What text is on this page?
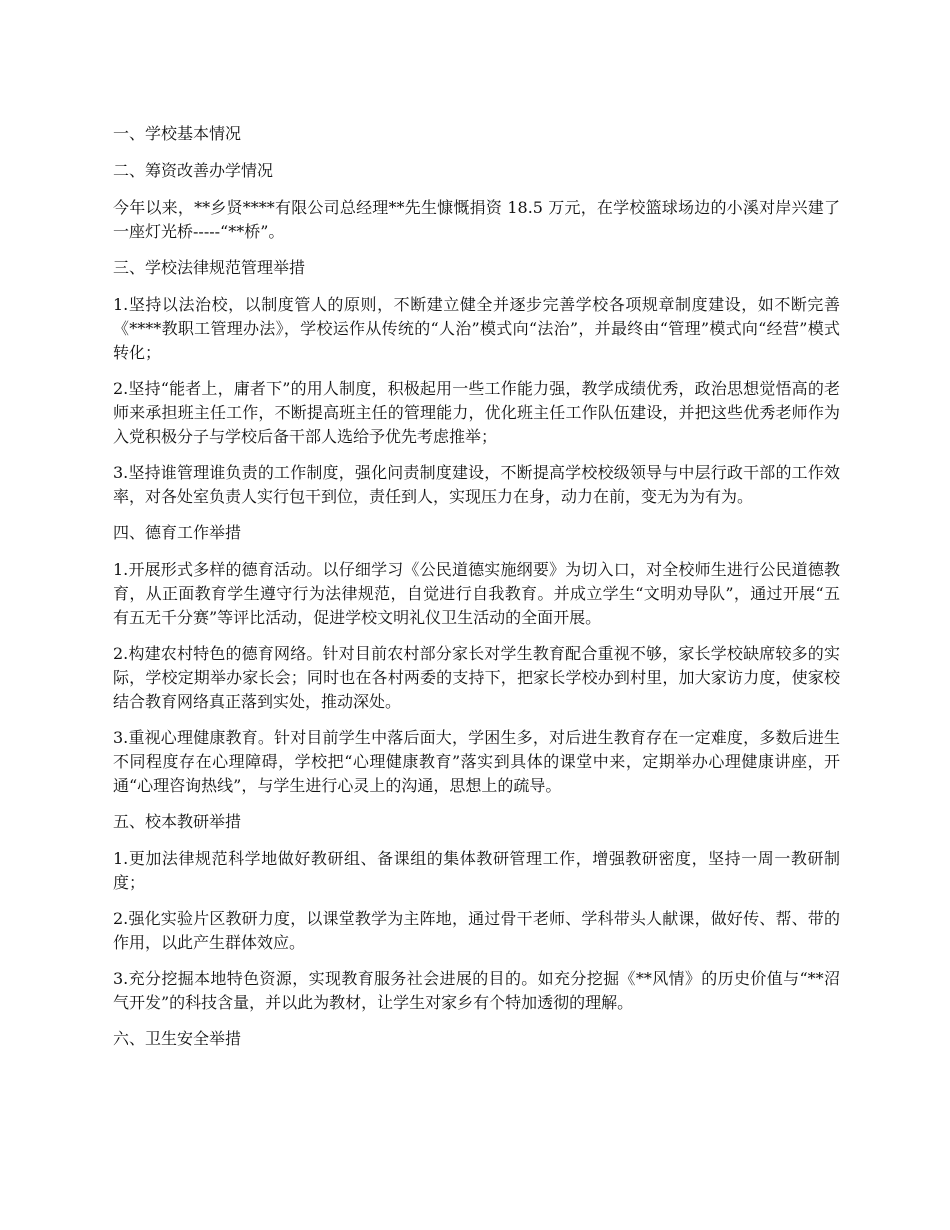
一、学校基本情况
二、筹资改善办学情况
今年以来，**乡贤****有限公司总经理**先生慷慨捐资 18.5 万元，在学校篮球场边的小溪对岸兴建了一座灯光桥-----“**桥”。
三、学校法律规范管理举措
1.坚持以法治校，以制度管人的原则，不断建立健全并逐步完善学校各项规章制度建设，如不断完善《****教职工管理办法》，学校运作从传统的“人治”模式向“法治”，并最终由“管理”模式向“经营”模式转化；
2.坚持“能者上，庸者下”的用人制度，积极起用一些工作能力强，教学成绩优秀，政治思想觉悟高的老师来承担班主任工作，不断提高班主任的管理能力，优化班主任工作队伍建设，并把这些优秀老师作为入党积极分子与学校后备干部人选给予优先考虑推举；
3.坚持谁管理谁负责的工作制度，强化问责制度建设，不断提高学校校级领导与中层行政干部的工作效率，对各处室负责人实行包干到位，责任到人，实现压力在身，动力在前，变无为为有为。
四、德育工作举措
1.开展形式多样的德育活动。以仔细学习《公民道德实施纲要》为切入口，对全校师生进行公民道德教育，从正面教育学生遵守行为法律规范，自觉进行自我教育。并成立学生“文明劝导队”，通过开展“五有五无千分赛”等评比活动，促进学校文明礼仪卫生活动的全面开展。
2.构建农村特色的德育网络。针对目前农村部分家长对学生教育配合重视不够，家长学校缺席较多的实际，学校定期举办家长会；同时也在各村两委的支持下，把家长学校办到村里，加大家访力度，使家校结合教育网络真正落到实处，推动深处。
3.重视心理健康教育。针对目前学生中落后面大，学困生多，对后进生教育存在一定难度，多数后进生不同程度存在心理障碍，学校把“心理健康教育”落实到具体的课堂中来，定期举办心理健康讲座，开通“心理咨询热线”，与学生进行心灵上的沟通，思想上的疏导。
五、校本教研举措
1.更加法律规范科学地做好教研组、备课组的集体教研管理工作，增强教研密度，坚持一周一教研制度；
2.强化实验片区教研力度，以课堂教学为主阵地，通过骨干老师、学科带头人献课，做好传、帮、带的作用，以此产生群体效应。
3.充分挖掘本地特色资源，实现教育服务社会进展的目的。如充分挖掘《**风情》的历史价值与“**沼气开发”的科技含量，并以此为教材，让学生对家乡有个特加透彻的理解。
六、卫生安全举措
